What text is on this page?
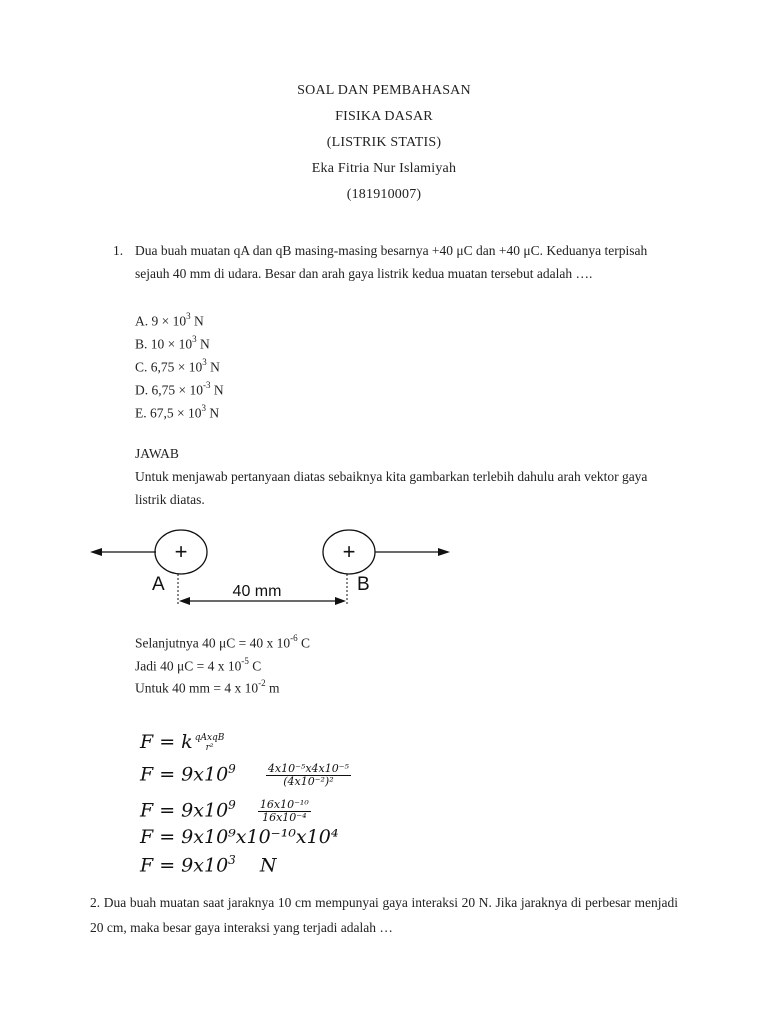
SOAL DAN PEMBAHASAN
FISIKA DASAR
(LISTRIK STATIS)
Eka Fitria Nur Islamiyah
(181910007)
1. Dua buah muatan qA dan qB masing-masing besarnya +40 μC dan +40 μC. Keduanya terpisah sejauh 40 mm di udara. Besar dan arah gaya listrik kedua muatan tersebut adalah ….
A. $9 \times 10^3$ N
B. $10 \times 10^3$ N
C. $6,75 \times 10^3$ N
D. $6,75 \times 10^{-3}$ N
E. $67,5 \times 10^3$ N
JAWAB
Untuk menjawab pertanyaan diatas sebaiknya kita gambarkan terlebih dahulu arah vektor gaya listrik diatas.
+	+
A	B
40 mm
Selanjutnya 40 μC = 40 x $10^{-6}$ C
Jadi 40 μC = 4 x $10^{-5}$ C
Untuk 40 mm = 4 x $10^{-2}$ m
F = k qAxqB
r²
$F = 9x10^9$	$\frac{\text{4x10⁻⁵x4x10⁻⁵}}{\text{(4x10⁻²)²}}$
$F = 9x10^9 \frac{\text{16x10⁻¹⁰}}{\text{16x10⁻⁴}}$
F = 9x10⁹x10⁻¹⁰x10⁴
$F = 9x10^3$ N
2. Dua buah muatan saat jaraknya 10 cm mempunyai gaya interaksi 20 N. Jika jaraknya di perbesar menjadi 20 cm, maka besar gaya interaksi yang terjadi adalah …
